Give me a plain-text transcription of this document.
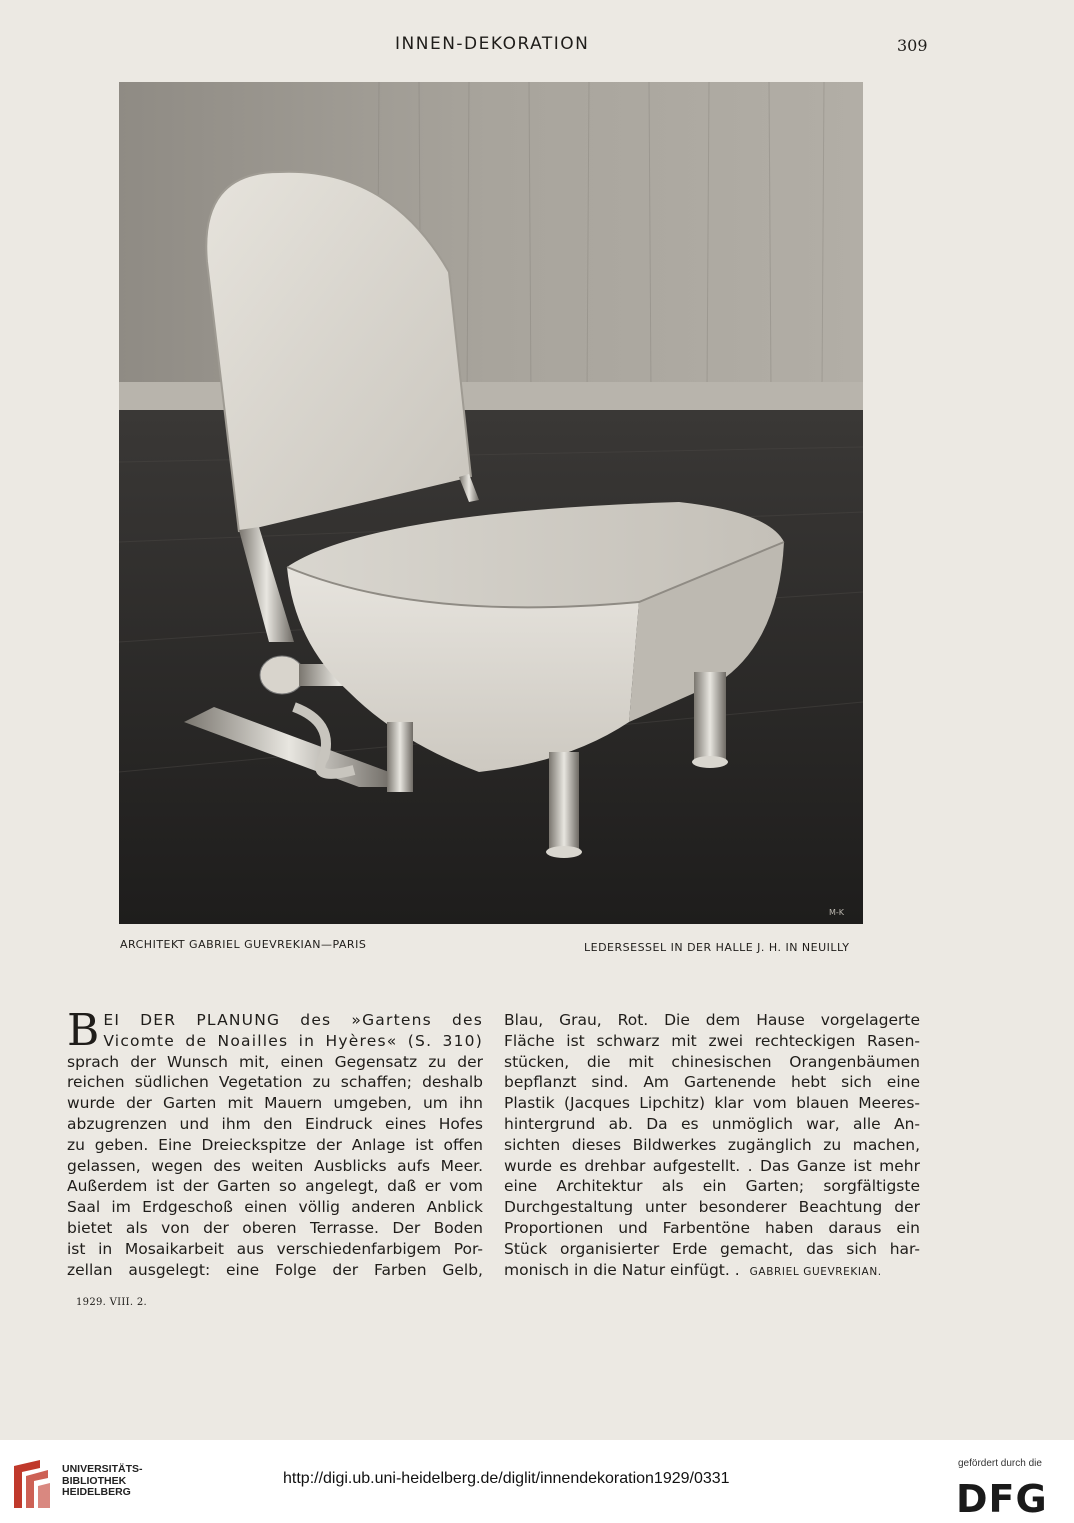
INNEN-DEKORATION	309
M-K
ARCHITEKT GABRIEL GUEVREKIAN—PARIS	LEDERSESSEL IN DER HALLE J. H. IN NEUILLY
B EI DER PLANUNG des »Gartens des
Vicomte de Noailles in Hyères« (S. 310)
sprach der Wunsch mit, einen Gegensatz zu der
reichen südlichen Vegetation zu schaffen; deshalb
wurde der Garten mit Mauern umgeben, um ihn
abzugrenzen und ihm den Eindruck eines Hofes
zu geben. Eine Dreieckspitze der Anlage ist offen
gelassen, wegen des weiten Ausblicks aufs Meer.
Außerdem ist der Garten so angelegt, daß er vom
Saal im Erdgeschoß einen völlig anderen Anblick
bietet als von der oberen Terrasse. Der Boden
ist in Mosaikarbeit aus verschiedenfarbigem Por-
zellan ausgelegt: eine Folge der Farben Gelb,
Blau, Grau, Rot. Die dem Hause vorgelagerte
Fläche ist schwarz mit zwei rechteckigen Rasen-
stücken, die mit chinesischen Orangenbäumen
bepflanzt sind. Am Gartenende hebt sich eine
Plastik (Jacques Lipchitz) klar vom blauen Meeres-
hintergrund ab. Da es unmöglich war, alle An-
sichten dieses Bildwerkes zugänglich zu machen,
wurde es drehbar aufgestellt. . Das Ganze ist mehr
eine Architektur als ein Garten; sorgfältigste
Durchgestaltung unter besonderer Beachtung der
Proportionen und Farbentöne haben daraus ein
Stück organisierter Erde gemacht, das sich har-
monisch in die Natur einfügt. . GABRIEL GUEVREKIAN.
1929. VIII. 2.
UNIVERSITÄTS-
BIBLIOTHEK
HEIDELBERG
http://digi.ub.uni-heidelberg.de/diglit/innendekoration1929/0331
gefördert durch die
DFG
